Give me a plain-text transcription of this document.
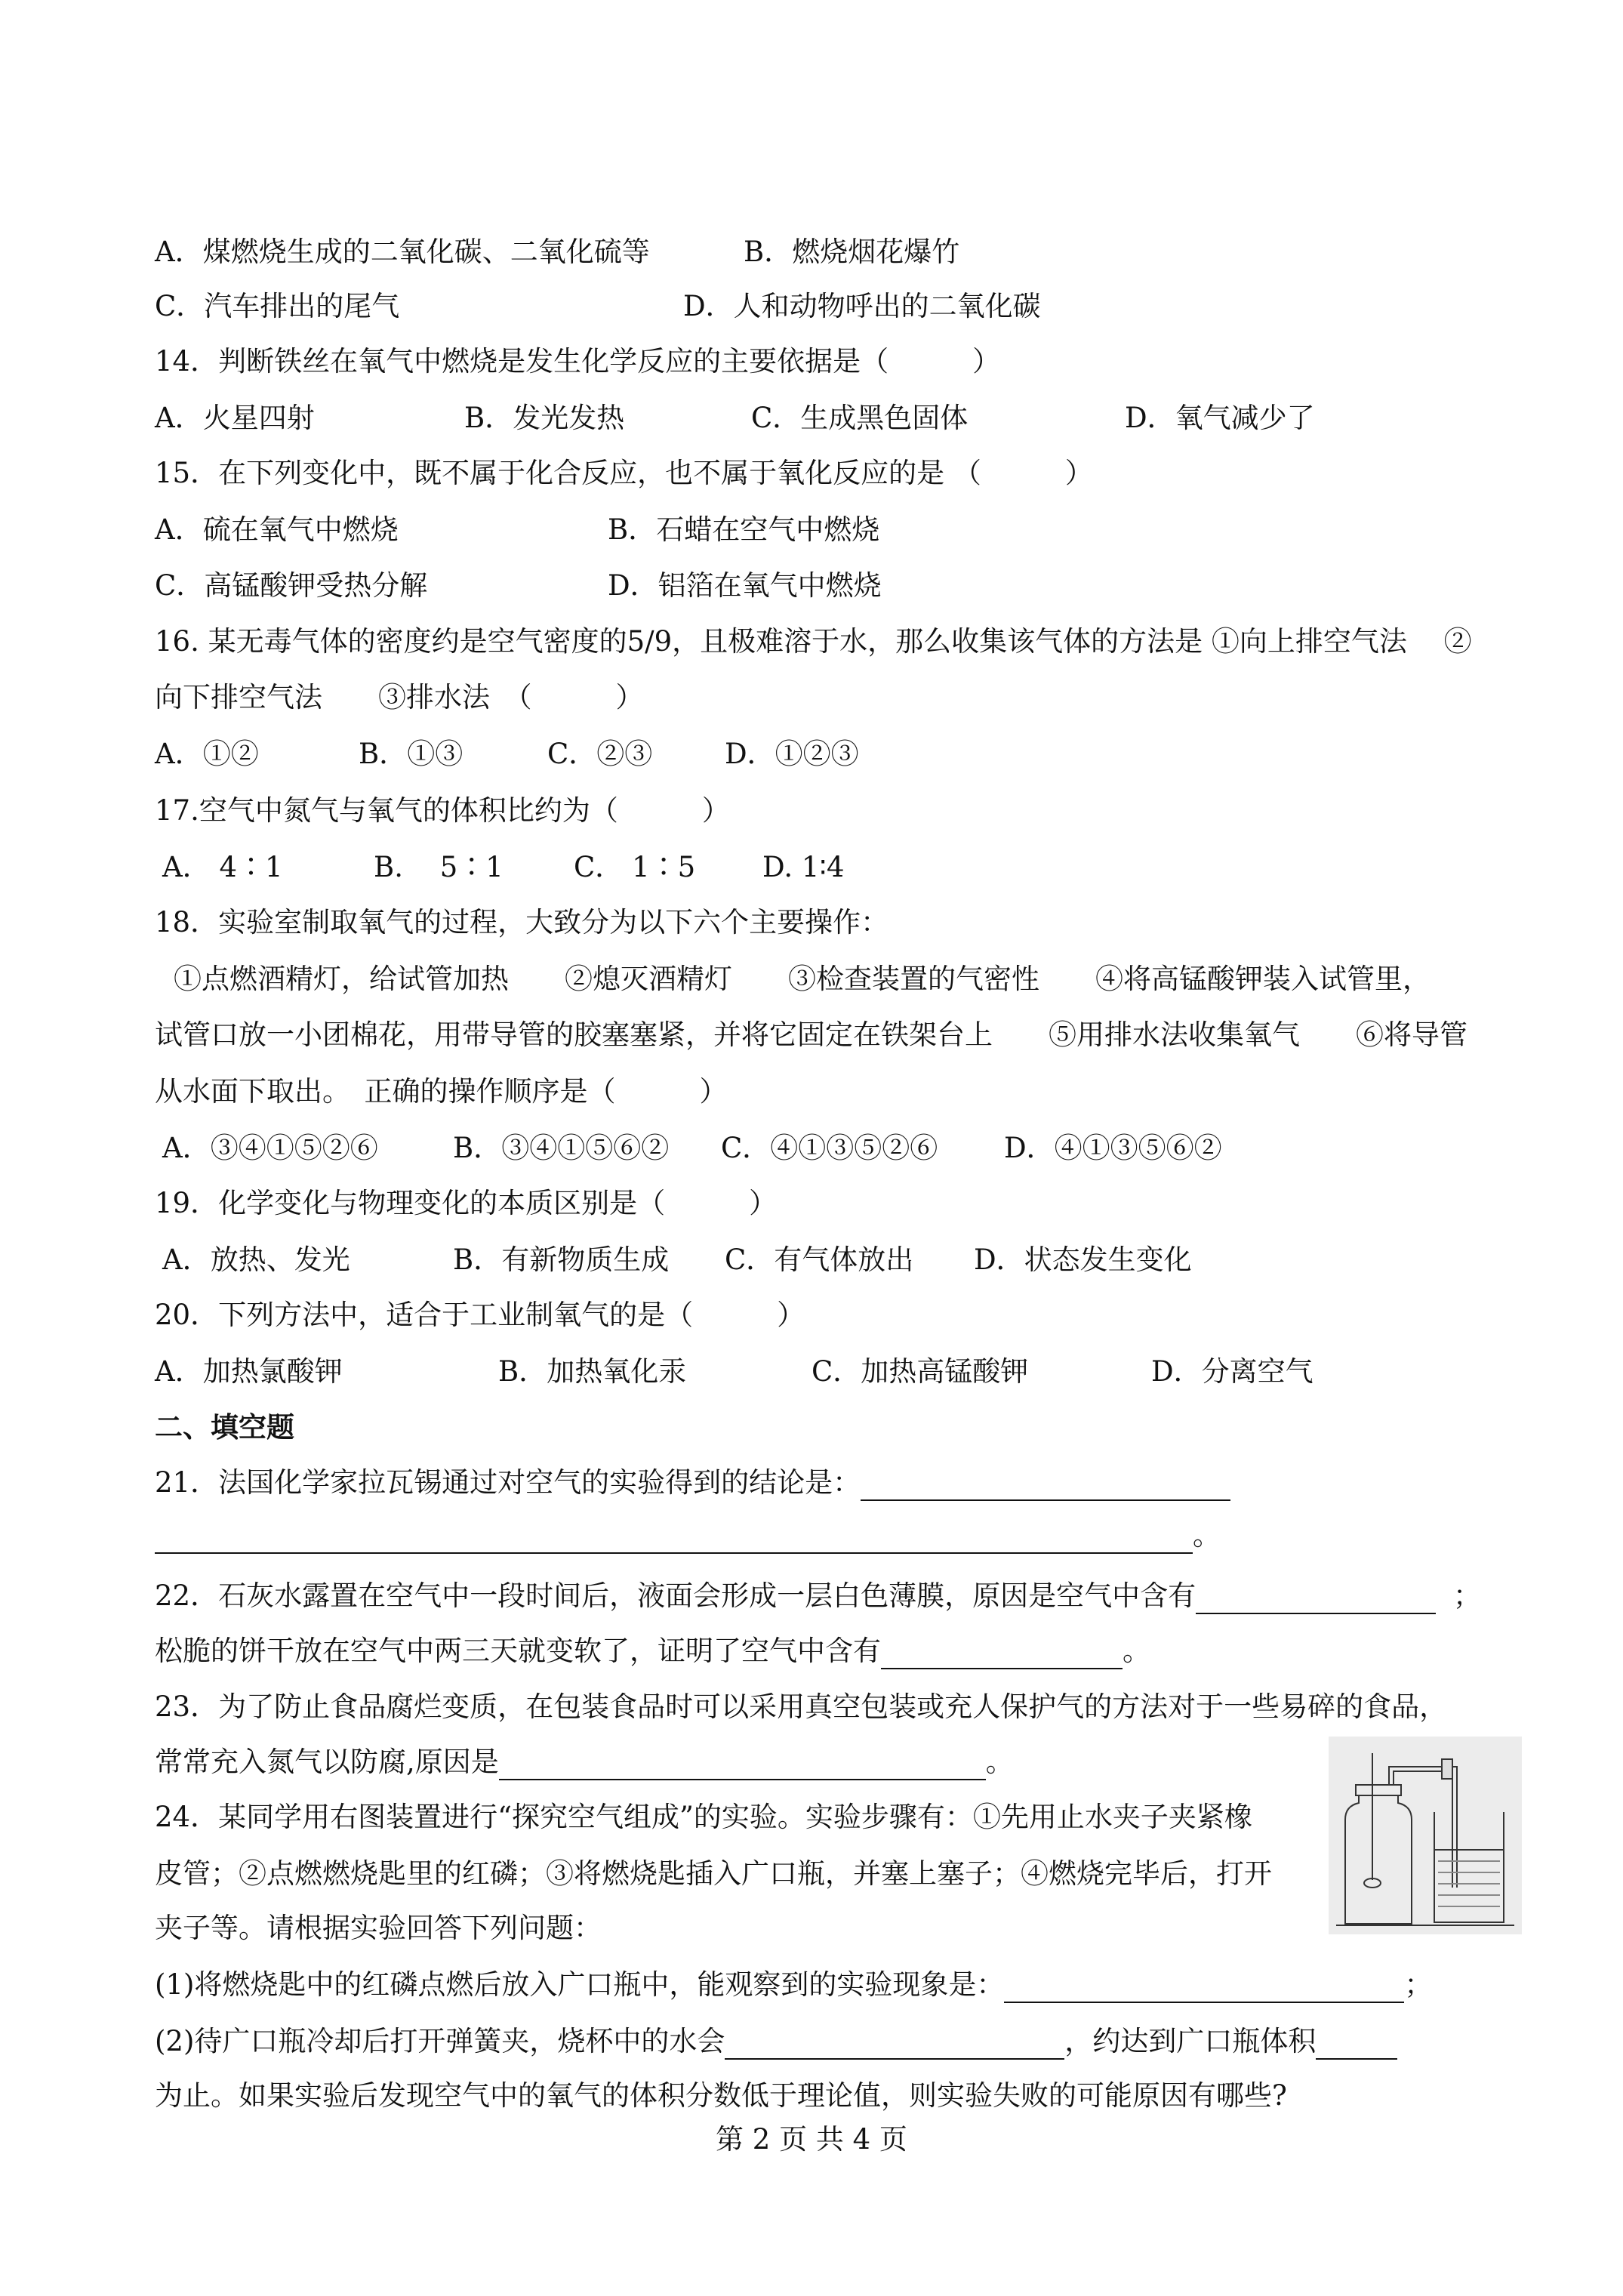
A．煤燃烧生成的二氧化碳、二氧化硫等	B．燃烧烟花爆竹
C．汽车排出的尾气	D．人和动物呼出的二氧化碳
14．判断铁丝在氧气中燃烧是发生化学反应的主要依据是（　　　）
A．火星四射	B．发光发热	C．生成黑色固体	D．氧气减少了
15．在下列变化中，既不属于化合反应，也不属于氧化反应的是 （　　　）
A．硫在氧气中燃烧	B．石蜡在空气中燃烧
C．高锰酸钾受热分解	D．铝箔在氧气中燃烧
16. 某无毒气体的密度约是空气密度的5/9，且极难溶于水，那么收集该气体的方法是 ①向上排空气法　 ②
向下排空气法　　③排水法　（　　　）
A．①②	B．①③	C．②③	D．①②③
17.空气中氮气与氧气的体积比约为（　　　）
A． 4∶1	B.　 5∶1	C． 1∶5 D. 1∶4
18．实验室制取氧气的过程，大致分为以下六个主要操作：
①点燃酒精灯，给试管加热　　②熄灭酒精灯　　③检查装置的气密性　　④将高锰酸钾装入试管里，
试管口放一小团棉花，用带导管的胶塞塞紧，并将它固定在铁架台上　　⑤用排水法收集氧气　　⑥将导管
从水面下取出。　正确的操作顺序是（　　　）
A．③④①⑤②⑥	B．③④①⑤⑥② C．④①③⑤②⑥ D．④①③⑤⑥②
19．化学变化与物理变化的本质区别是（　　　）
A．放热、发光	B．有新物质生成 C．有气体放出 D．状态发生变化
20．下列方法中，适合于工业制氧气的是（　　　）
A．加热氯酸钾	B．加热氧化汞	C．加热高锰酸钾	D．分离空气
二、填空题
21．法国化学家拉瓦锡通过对空气的实验得到的结论是：
。
22．石灰水露置在空气中一段时间后，液面会形成一层白色薄膜，原因是空气中含有	；
松脆的饼干放在空气中两三天就变软了，证明了空气中含有	。
23．为了防止食品腐烂变质，在包装食品时可以采用真空包装或充人保护气的方法对于一些易碎的食品，
常常充入氮气以防腐,原因是	。
24．某同学用右图装置进行“探究空气组成”的实验。实验步骤有：①先用止水夹子夹紧橡
皮管；②点燃燃烧匙里的红磷；③将燃烧匙插入广口瓶，并塞上塞子；④燃烧完毕后，打开
夹子等。请根据实验回答下列问题：
(1)将燃烧匙中的红磷点燃后放入广口瓶中，能观察到的实验现象是：	；
(2)待广口瓶冷却后打开弹簧夹，烧杯中的水会	，约达到广口瓶体积
为止。如果实验后发现空气中的氧气的体积分数低于理论值，则实验失败的可能原因有哪些?
第 2 页 共 4 页
